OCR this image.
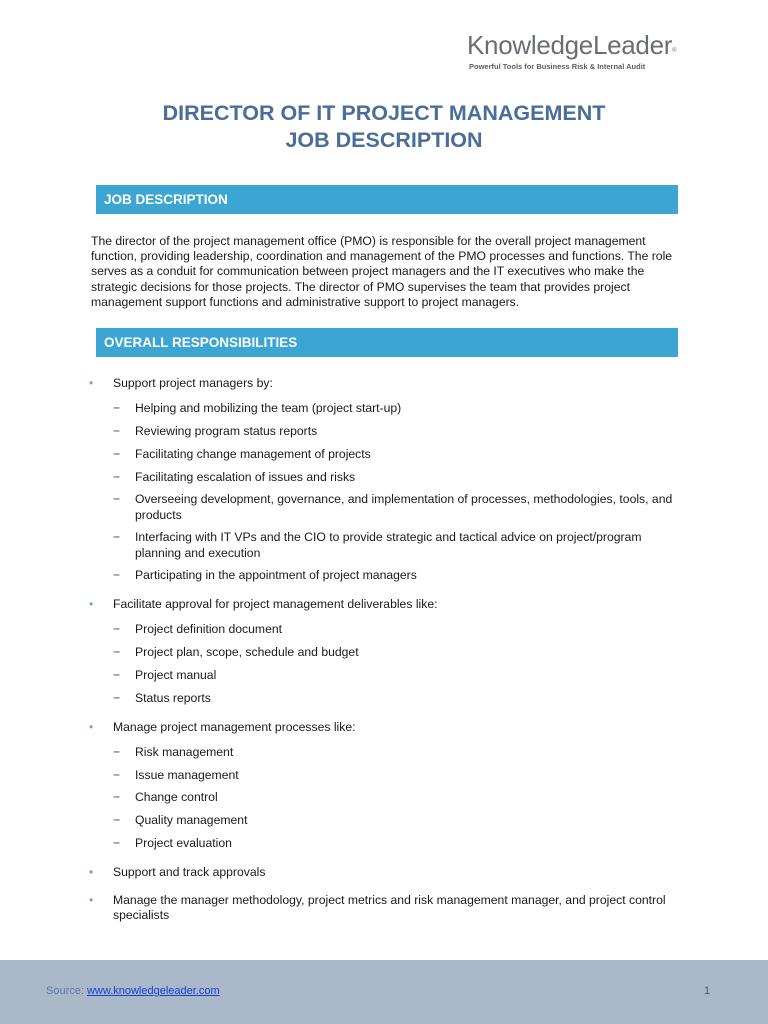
KnowledgeLeader®
Powerful Tools for Business Risk & Internal Audit
DIRECTOR OF IT PROJECT MANAGEMENT
JOB DESCRIPTION
JOB DESCRIPTION
The director of the project management office (PMO) is responsible for the overall project management function, providing leadership, coordination and management of the PMO processes and functions. The role serves as a conduit for communication between project managers and the IT executives who make the strategic decisions for those projects. The director of PMO supervises the team that provides project management support functions and administrative support to project managers.
OVERALL RESPONSIBILITIES
• Support project managers by:
− Helping and mobilizing the team (project start-up)
− Reviewing program status reports
− Facilitating change management of projects
− Facilitating escalation of issues and risks
− Overseeing development, governance, and implementation of processes, methodologies, tools, and products
− Interfacing with IT VPs and the CIO to provide strategic and tactical advice on project/program planning and execution
− Participating in the appointment of project managers
• Facilitate approval for project management deliverables like:
− Project definition document
− Project plan, scope, schedule and budget
− Project manual
− Status reports
• Manage project management processes like:
− Risk management
− Issue management
− Change control
− Quality management
− Project evaluation
• Support and track approvals
• Manage the manager methodology, project metrics and risk management manager, and project control specialists
Source: www.knowledgeleader.com	1
